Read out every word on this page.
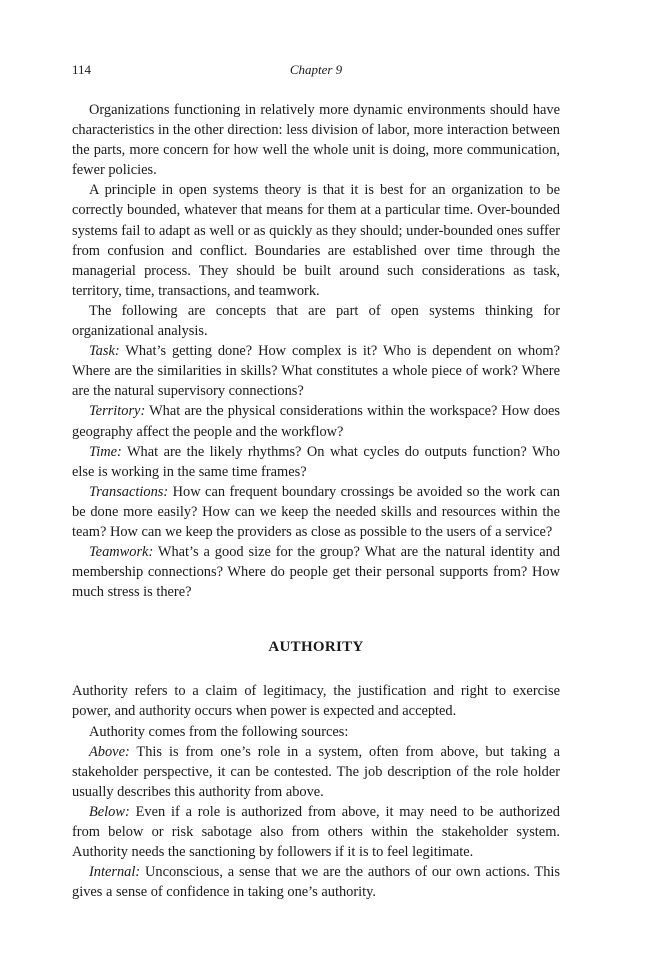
114	Chapter 9

Organizations functioning in relatively more dynamic environments should have characteristics in the other direction: less division of labor, more interaction between the parts, more concern for how well the whole unit is doing, more communication, fewer policies.

A principle in open systems theory is that it is best for an organization to be correctly bounded, whatever that means for them at a particular time. Over-bounded systems fail to adapt as well or as quickly as they should; under-bounded ones suffer from confusion and conflict. Boundaries are established over time through the managerial process. They should be built around such considerations as task, territory, time, transactions, and teamwork.

The following are concepts that are part of open systems thinking for organizational analysis.

Task: What’s getting done? How complex is it? Who is dependent on whom? Where are the similarities in skills? What constitutes a whole piece of work? Where are the natural supervisory connections?

Territory: What are the physical considerations within the workspace? How does geography affect the people and the workflow?

Time: What are the likely rhythms? On what cycles do outputs function? Who else is working in the same time frames?

Transactions: How can frequent boundary crossings be avoided so the work can be done more easily? How can we keep the needed skills and resources within the team? How can we keep the providers as close as possible to the users of a service?

Teamwork: What’s a good size for the group? What are the natural identity and membership connections? Where do people get their personal supports from? How much stress is there?

AUTHORITY

Authority refers to a claim of legitimacy, the justification and right to exercise power, and authority occurs when power is expected and accepted.

Authority comes from the following sources:

Above: This is from one’s role in a system, often from above, but taking a stakeholder perspective, it can be contested. The job description of the role holder usually describes this authority from above.

Below: Even if a role is authorized from above, it may need to be authorized from below or risk sabotage also from others within the stakeholder system. Authority needs the sanctioning by followers if it is to feel legitimate.

Internal: Unconscious, a sense that we are the authors of our own actions. This gives a sense of confidence in taking one’s authority.
